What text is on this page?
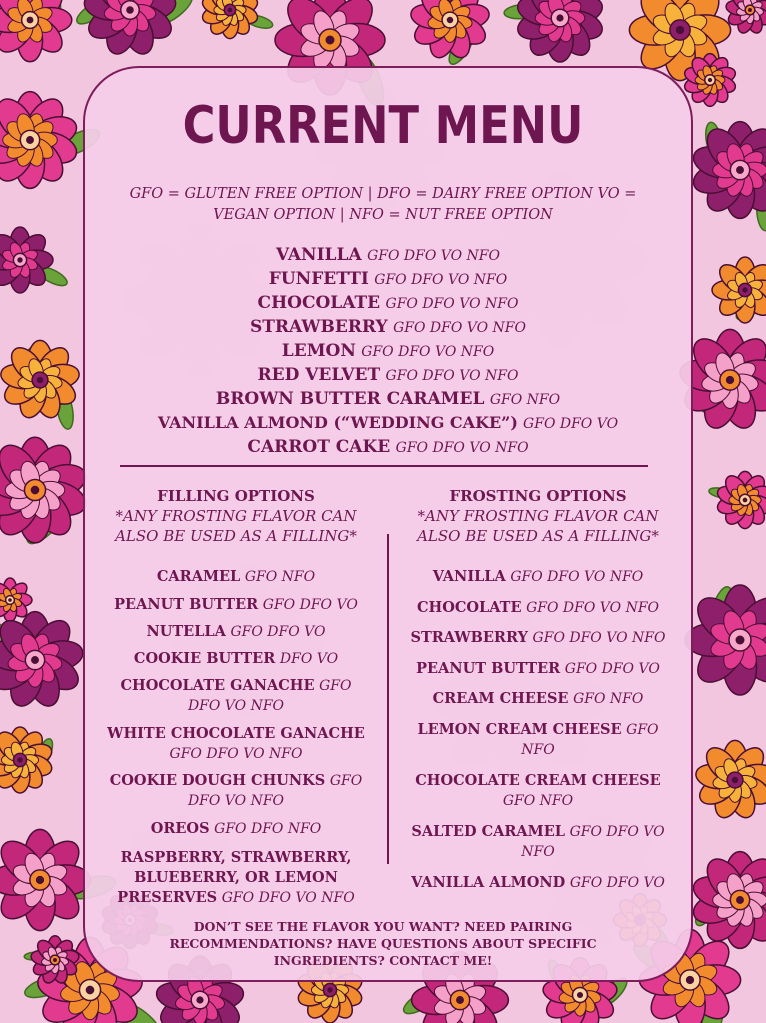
CURRENT MENU
GFO = GLUTEN FREE OPTION | DFO = DAIRY FREE OPTION VO = VEGAN OPTION | NFO = NUT FREE OPTION
VANILLA GFO DFO VO NFO
FUNFETTI GFO DFO VO NFO
CHOCOLATE GFO DFO VO NFO
STRAWBERRY GFO DFO VO NFO
LEMON GFO DFO VO NFO
RED VELVET GFO DFO VO NFO
BROWN BUTTER CARAMEL GFO NFO
VANILLA ALMOND (“WEDDING CAKE”) GFO DFO VO
CARROT CAKE GFO DFO VO NFO
FILLING OPTIONS
*ANY FROSTING FLAVOR CAN ALSO BE USED AS A FILLING*
CARAMEL GFO NFO
PEANUT BUTTER GFO DFO VO
NUTELLA GFO DFO VO
COOKIE BUTTER DFO VO
CHOCOLATE GANACHE GFO DFO VO NFO
WHITE CHOCOLATE GANACHE GFO DFO VO NFO
COOKIE DOUGH CHUNKS GFO DFO VO NFO
OREOS GFO DFO NFO
RASPBERRY, STRAWBERRY, BLUEBERRY, OR LEMON PRESERVES GFO DFO VO NFO
FROSTING OPTIONS
*ANY FROSTING FLAVOR CAN ALSO BE USED AS A FILLING*
VANILLA GFO DFO VO NFO
CHOCOLATE GFO DFO VO NFO
STRAWBERRY GFO DFO VO NFO
PEANUT BUTTER GFO DFO VO
CREAM CHEESE GFO NFO
LEMON CREAM CHEESE GFO NFO
CHOCOLATE CREAM CHEESE GFO NFO
SALTED CARAMEL GFO DFO VO NFO
VANILLA ALMOND GFO DFO VO
DON’T SEE THE FLAVOR YOU WANT? NEED PAIRING RECOMMENDATIONS? HAVE QUESTIONS ABOUT SPECIFIC INGREDIENTS? CONTACT ME!
